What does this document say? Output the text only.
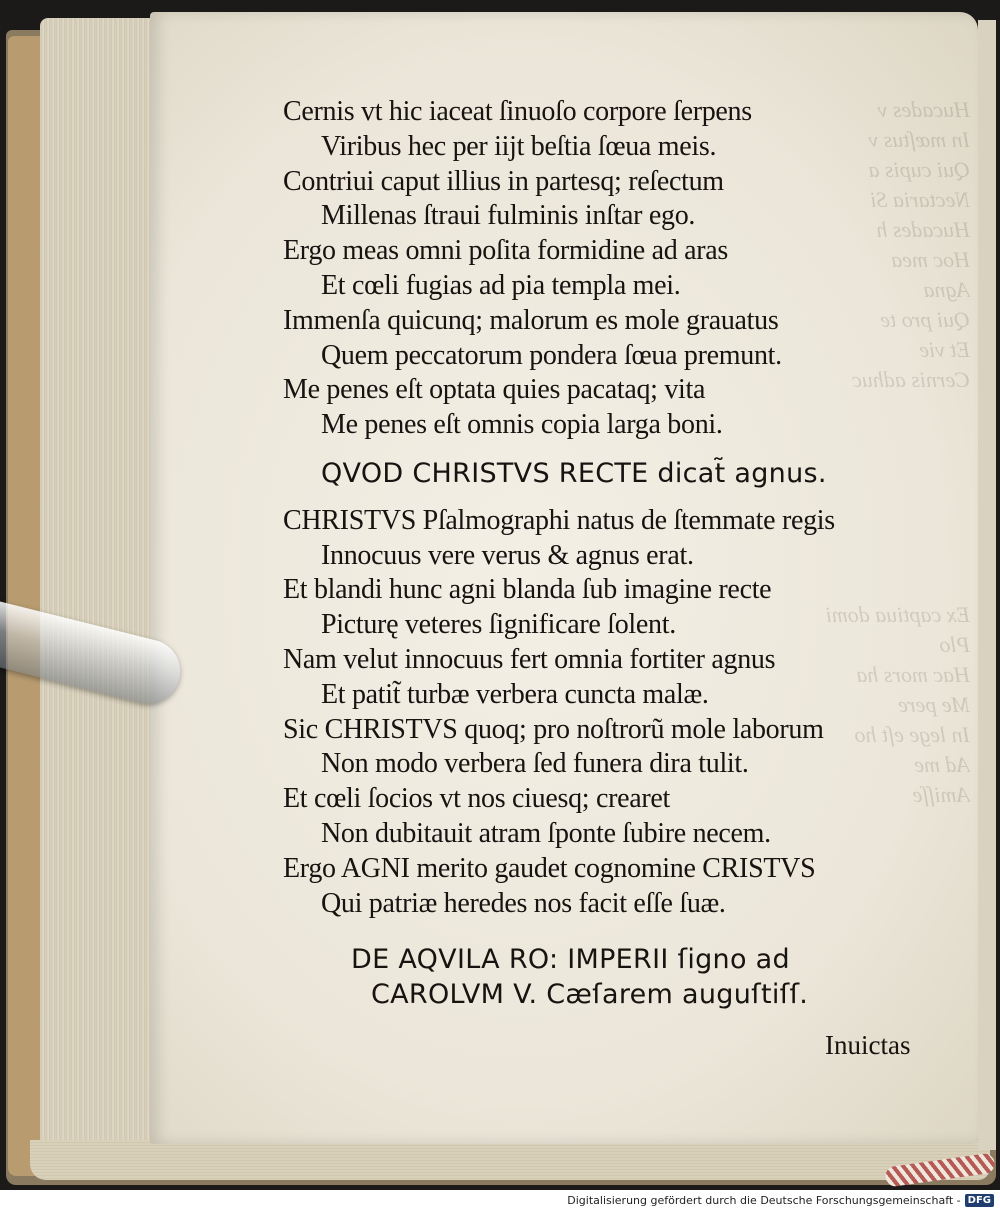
Hucades v
In mœſtus v
Qui cupis a
Nectaria Si
Hucades h
Hoc mea
Agna
Qui pro te
Et vie
Cernis adhuc
Ex captiua domi
Plo
Hac mors ha
Me pere
In lege eſt ho
Ad me
Amiſſe
Cernis vt hic iaceat ſinuoſo corpore ſerpens
Viribus hec per iijt beſtia ſœua meis.
Contriui caput illius in partesq; reſectum
Millenas ſtraui fulminis inſtar ego.
Ergo meas omni poſita formidine ad aras
Et cœli fugias ad pia templa mei.
Immenſa quicunq; malorum es mole grauatus
Quem peccatorum pondera ſœua premunt.
Me penes eſt optata quies pacataq; vita
Me penes eſt omnis copia larga boni.
QVOD CHRISTVS RECTE dicat̃ agnus.
CHRISTVS Pſalmographi natus de ſtemmate regis
Innocuus vere verus & agnus erat.
Et blandi hunc agni blanda ſub imagine recte
Picturę veteres ſignificare ſolent.
Nam velut innocuus fert omnia fortiter agnus
Et patit̃ turbæ verbera cuncta malæ.
Sic CHRISTVS quoq; pro noſtrorũ mole laborum
Non modo verbera ſed funera dira tulit.
Et cœli ſocios vt nos ciuesq; crearet
Non dubitauit atram ſponte ſubire necem.
Ergo AGNI merito gaudet cognomine CRISTVS
Qui patriæ heredes nos facit eſſe ſuæ.
DE AQVILA RO: IMPERII ſigno ad
CAROLVM V. Cæſarem auguſtiſſ.
Inuictas
Digitalisierung gefördert durch die Deutsche Forschungsgemeinschaft - DFG
